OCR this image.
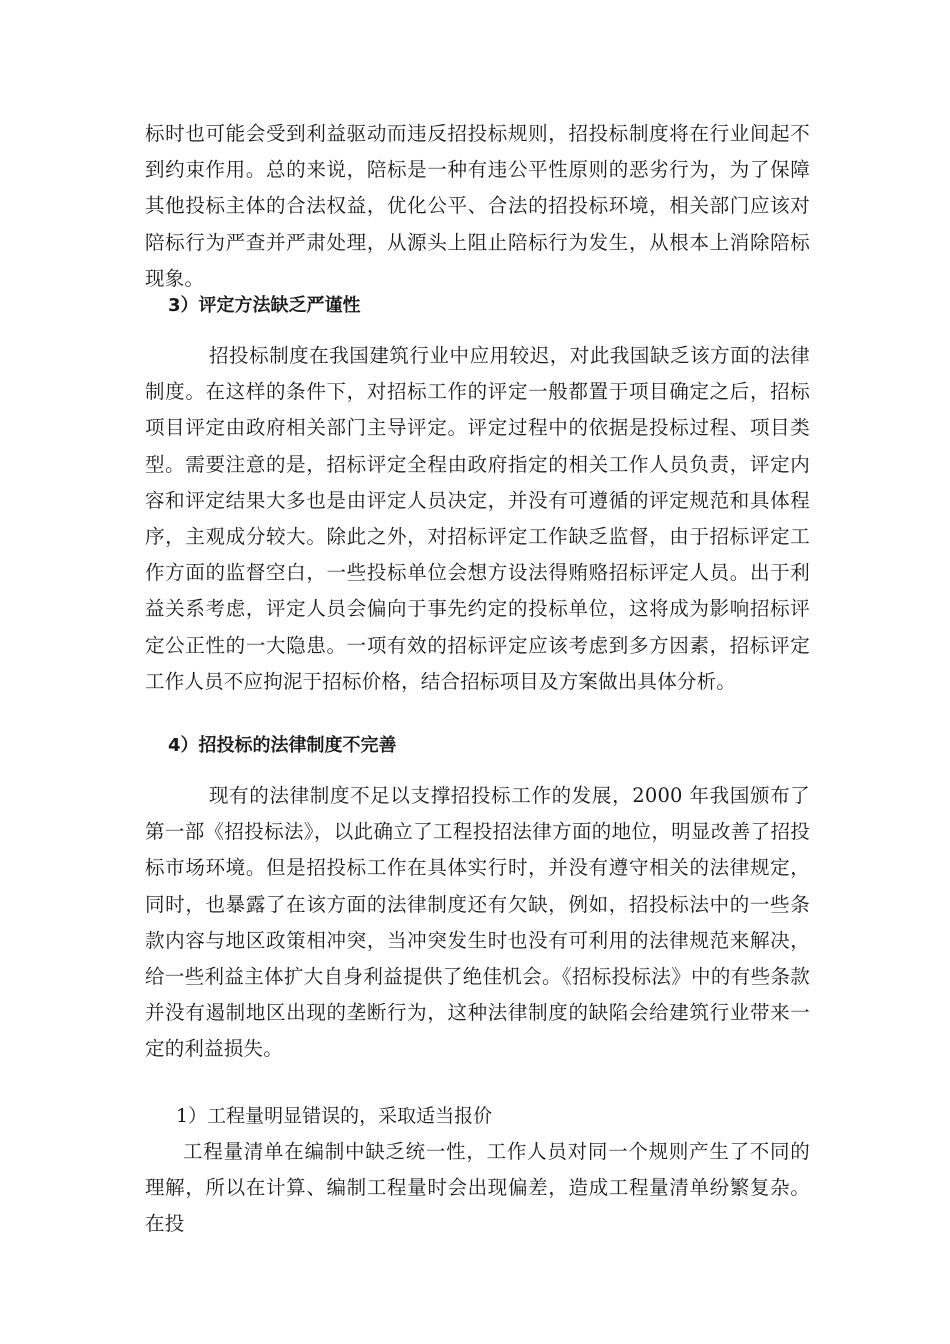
标时也可能会受到利益驱动而违反招投标规则，招投标制度将在行业间起不到约束作用。总的来说，陪标是一种有违公平性原则的恶劣行为，为了保障其他投标主体的合法权益，优化公平、合法的招投标环境，相关部门应该对陪标行为严查并严肃处理，从源头上阻止陪标行为发生，从根本上消除陪标现象。

3）评定方法缺乏严谨性

招投标制度在我国建筑行业中应用较迟，对此我国缺乏该方面的法律制度。在这样的条件下，对招标工作的评定一般都置于项目确定之后，招标项目评定由政府相关部门主导评定。评定过程中的依据是投标过程、项目类型。需要注意的是，招标评定全程由政府指定的相关工作人员负责，评定内容和评定结果大多也是由评定人员决定，并没有可遵循的评定规范和具体程序，主观成分较大。除此之外，对招标评定工作缺乏监督，由于招标评定工作方面的监督空白，一些投标单位会想方设法得贿赂招标评定人员。出于利益关系考虑，评定人员会偏向于事先约定的投标单位，这将成为影响招标评定公正性的一大隐患。一项有效的招标评定应该考虑到多方因素，招标评定工作人员不应拘泥于招标价格，结合招标项目及方案做出具体分析。

4）招投标的法律制度不完善

现有的法律制度不足以支撑招投标工作的发展，2000 年我国颁布了第一部《招投标法》，以此确立了工程投招法律方面的地位，明显改善了招投标市场环境。但是招投标工作在具体实行时，并没有遵守相关的法律规定，同时，也暴露了在该方面的法律制度还有欠缺，例如，招投标法中的一些条款内容与地区政策相冲突，当冲突发生时也没有可利用的法律规范来解决，给一些利益主体扩大自身利益提供了绝佳机会。《招标投标法》中的有些条款并没有遏制地区出现的垄断行为，这种法律制度的缺陷会给建筑行业带来一定的利益损失。

1）工程量明显错误的，采取适当报价

工程量清单在编制中缺乏统一性，工作人员对同一个规则产生了不同的理解，所以在计算、编制工程量时会出现偏差，造成工程量清单纷繁复杂。在投
